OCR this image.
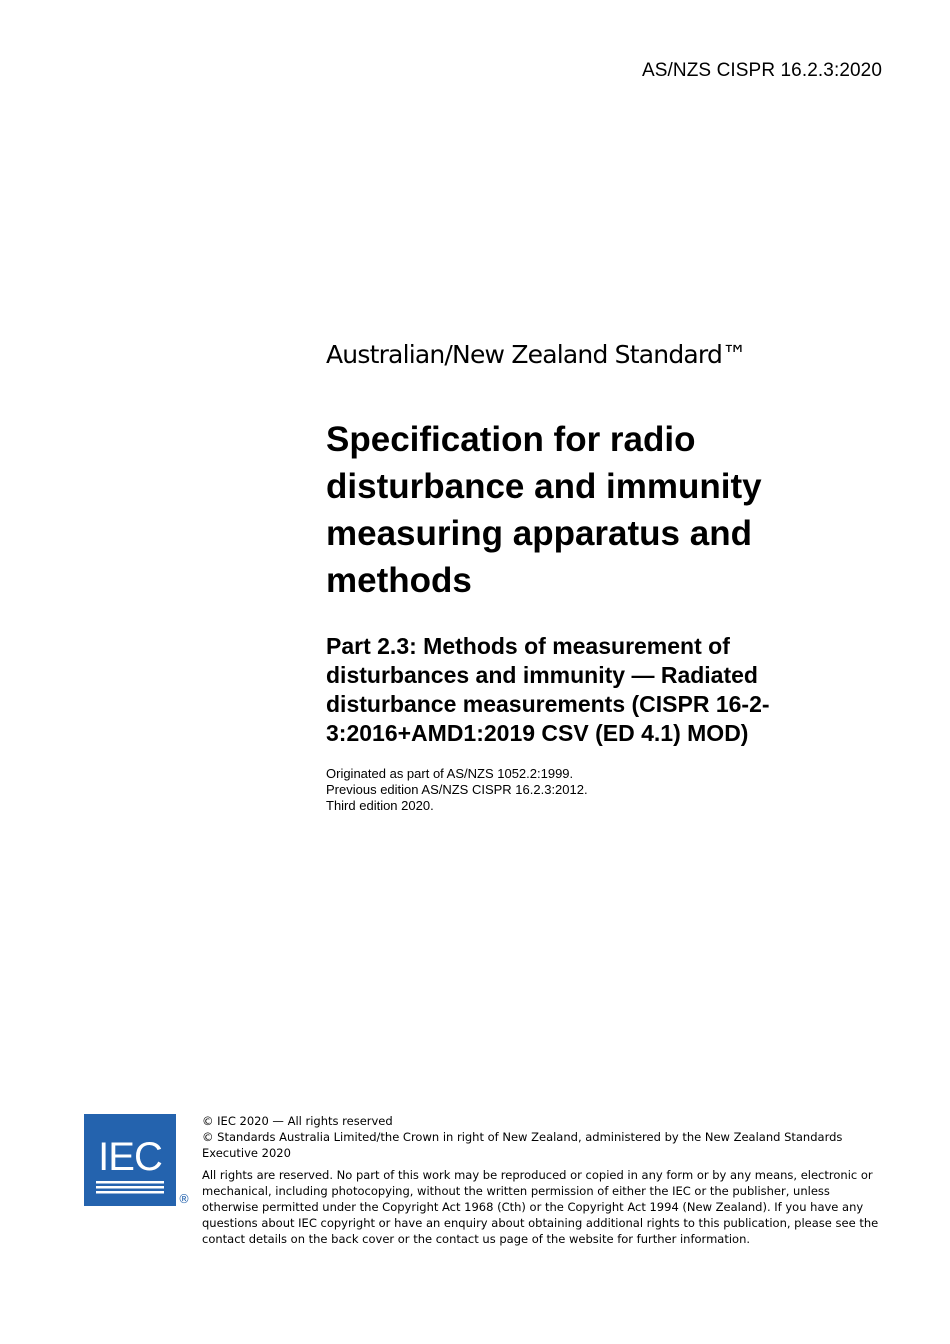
AS/NZS CISPR 16.2.3:2020
Australian/New Zealand Standard™
Specification for radio disturbance and immunity measuring apparatus and methods
Part 2.3: Methods of measurement of disturbances and immunity — Radiated disturbance measurements (CISPR 16-2-3:2016+AMD1:2019 CSV (ED 4.1) MOD)
Originated as part of AS/NZS 1052.2:1999.
Previous edition AS/NZS CISPR 16.2.3:2012.
Third edition 2020.
IEC
®

© IEC 2020 — All rights reserved

© Standards Australia Limited/the Crown in right of New Zealand, administered by the New Zealand Standards Executive 2020

All rights are reserved. No part of this work may be reproduced or copied in any form or by any means, electronic or mechanical, including photocopying, without the written permission of either the IEC or the publisher, unless otherwise permitted under the Copyright Act 1968 (Cth) or the Copyright Act 1994 (New Zealand). If you have any questions about IEC copyright or have an enquiry about obtaining additional rights to this publication, please see the contact details on the back cover or the contact us page of the website for further information.
